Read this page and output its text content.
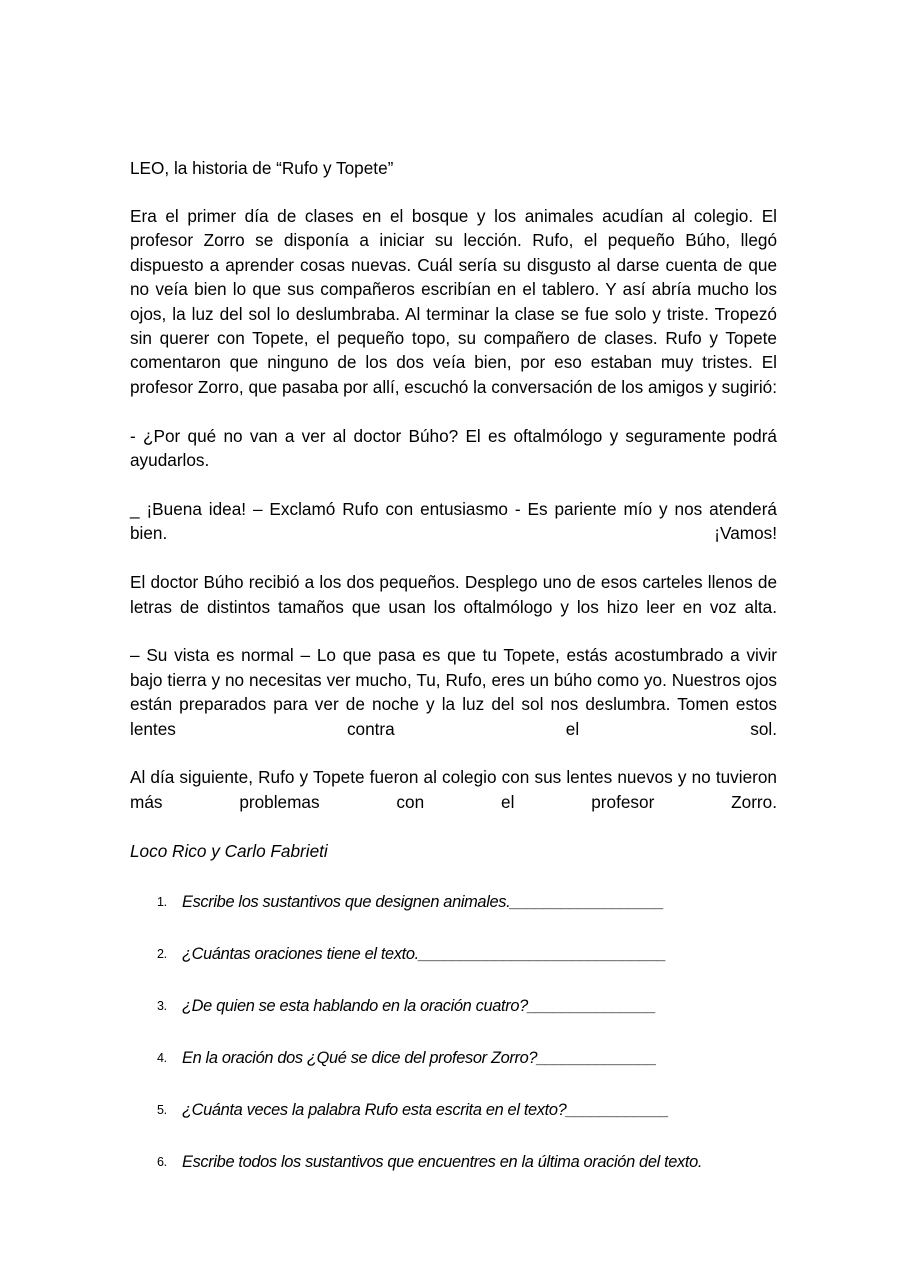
LEO, la historia de “Rufo y Topete”

Era el primer día de clases en el bosque y los animales acudían al colegio. El profesor Zorro se disponía a iniciar su lección. Rufo, el pequeño Búho, llegó dispuesto a aprender cosas nuevas. Cuál sería su disgusto al darse cuenta de que no veía bien lo que sus compañeros escribían en el tablero. Y así abría mucho los ojos, la luz del sol lo deslumbraba. Al terminar la clase se fue solo y triste. Tropezó sin querer con Topete, el pequeño topo, su compañero de clases. Rufo y Topete comentaron que ninguno de los dos veía bien, por eso estaban muy tristes. El profesor Zorro, que pasaba por allí, escuchó la conversación de los amigos y sugirió:

- ¿Por qué no van a ver al doctor Búho? El es oftalmólogo y seguramente podrá ayudarlos.

_ ¡Buena idea! – Exclamó Rufo con entusiasmo - Es pariente mío y nos atenderá bien. ¡Vamos!

El doctor Búho recibió a los dos pequeños. Desplego uno de esos carteles llenos de letras de distintos tamaños que usan los oftalmólogo y los hizo leer en voz alta.

– Su vista es normal – Lo que pasa es que tu Topete, estás acostumbrado a vivir bajo tierra y no necesitas ver mucho, Tu, Rufo, eres un búho como yo. Nuestros ojos están preparados para ver de noche y la luz del sol nos deslumbra. Tomen estos lentes contra el sol.

Al día siguiente, Rufo y Topete fueron al colegio con sus lentes nuevos y no tuvieron más problemas con el profesor Zorro.

Loco Rico y Carlo Fabrieti

1. Escribe los sustantivos que designen animales.__________________
2. ¿Cuántas oraciones tiene el texto._____________________________
3. ¿De quien se esta hablando en la oración cuatro?_______________
4. En la oración dos ¿Qué se dice del profesor Zorro?______________
5. ¿Cuánta veces la palabra Rufo esta escrita en el texto?____________
6. Escribe todos los sustantivos que encuentres en la última oración del texto.
